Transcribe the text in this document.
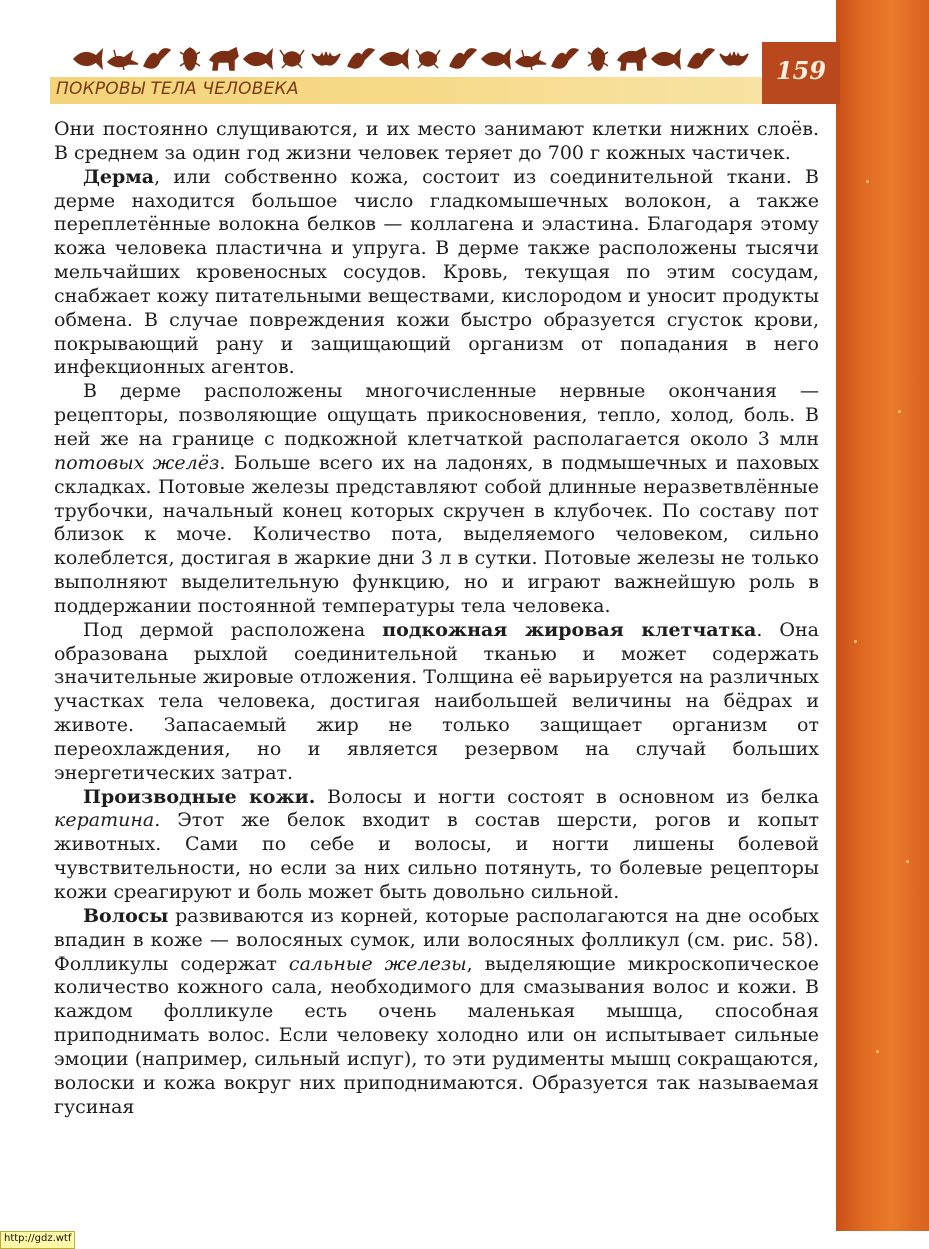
ПОКРОВЫ ТЕЛА ЧЕЛОВЕКА
159

Они постоянно слущиваются, и их место занимают клетки нижних слоёв. В среднем за один год жизни человек теряет до 700 г кожных частичек.

Дерма, или собственно кожа, состоит из соединительной ткани. В дерме находится большое число гладкомышечных волокон, а также переплетённые волокна белков — коллагена и эластина. Благодаря этому кожа человека пластична и упруга. В дерме также расположены тысячи мельчайших кровеносных сосудов. Кровь, текущая по этим сосудам, снабжает кожу питательными веществами, кислородом и уносит продукты обмена. В случае повреждения кожи быстро образуется сгусток крови, покрывающий рану и защищающий организм от попадания в него инфекционных агентов.

В дерме расположены многочисленные нервные окончания — рецепторы, позволяющие ощущать прикосновения, тепло, холод, боль. В ней же на границе с подкожной клетчаткой располагается около 3 млн потовых желёз. Больше всего их на ладонях, в подмышечных и паховых складках. Потовые железы представляют собой длинные неразветвлённые трубочки, начальный конец которых скручен в клубочек. По составу пот близок к моче. Количество пота, выделяемого человеком, сильно колеблется, достигая в жаркие дни 3 л в сутки. Потовые железы не только выполняют выделительную функцию, но и играют важнейшую роль в поддержании постоянной температуры тела человека.

Под дермой расположена подкожная жировая клетчатка. Она образована рыхлой соединительной тканью и может содержать значительные жировые отложения. Толщина её варьируется на различных участках тела человека, достигая наибольшей величины на бёдрах и животе. Запасаемый жир не только защищает организм от переохлаждения, но и является резервом на случай больших энергетических затрат.

Производные кожи. Волосы и ногти состоят в основном из белка кератина. Этот же белок входит в состав шерсти, рогов и копыт животных. Сами по себе и волосы, и ногти лишены болевой чувствительности, но если за них сильно потянуть, то болевые рецепторы кожи среагируют и боль может быть довольно сильной.

Волосы развиваются из корней, которые располагаются на дне особых впадин в коже — волосяных сумок, или волосяных фолликул (см. рис. 58). Фолликулы содержат сальные железы, выделяющие микроскопическое количество кожного сала, необходимого для смазывания волос и кожи. В каждом фолликуле есть очень маленькая мышца, способная приподнимать волос. Если человеку холодно или он испытывает сильные эмоции (например, сильный испуг), то эти рудименты мышц сокращаются, волоски и кожа вокруг них приподнимаются. Образуется так называемая гусиная

http://gdz.wtf
